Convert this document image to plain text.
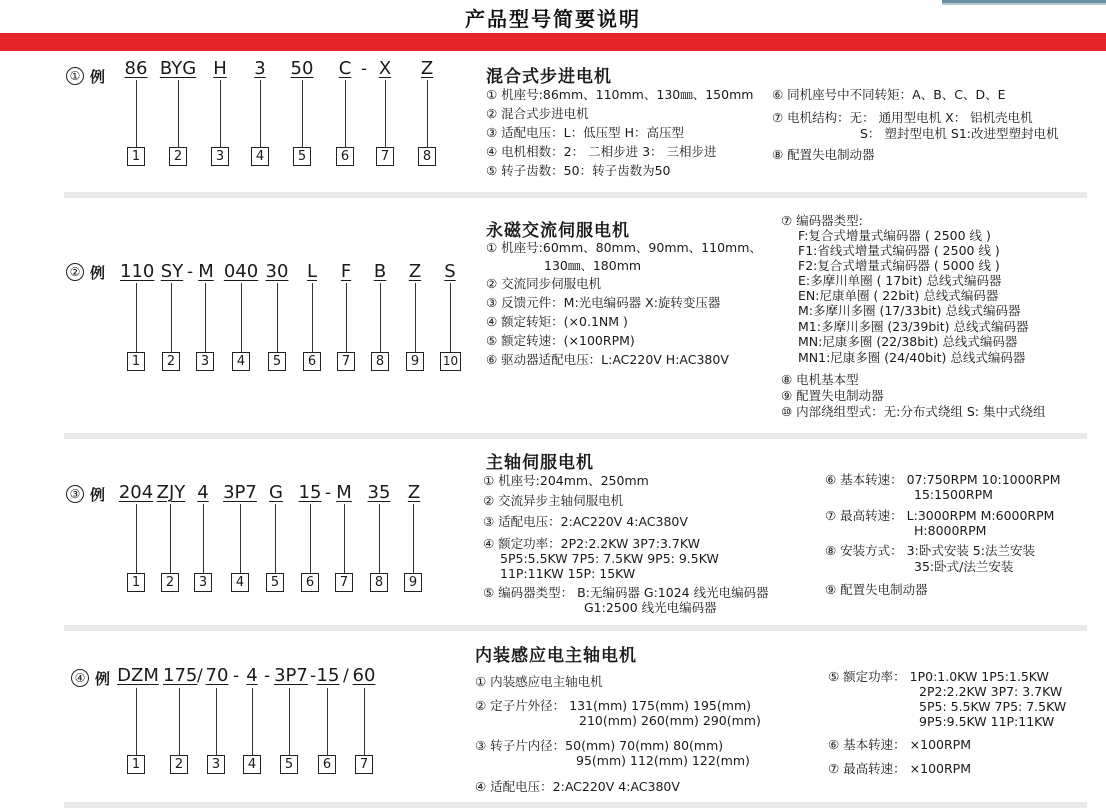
产品型号简要说明
① 例 86 BYG H 3 50 C - X Z
1	2	3	4	5	6	7	8
混合式步进电机
① 机座号:86mm、110mm、130㎜、150mm
② 混合式步进电机
③ 适配电压：L：低压型 H：高压型
④ 电机相数：2： 二相步进 3： 三相步进
⑤ 转子齿数：50：转子齿数为50
⑥ 同机座号中不同转矩：A、B、C、D、E
⑦ 电机结构：无： 通用型电机 X： 铝机壳电机
S： 塑封型电机 S1:改进型塑封电机
⑧ 配置失电制动器
② 例 110 SY - M 040 30 L F B Z S
1	2	3	4	5	6	7	8	9	10
永磁交流伺服电机
① 机座号:60mm、80mm、90mm、110mm、
130㎜、180mm
② 交流同步伺服电机
③ 反馈元件：M:光电编码器 X:旋转变压器
④ 额定转矩：(×0.1NM )
⑤ 额定转速：(×100RPM)
⑥ 驱动器适配电压：L:AC220V H:AC380V
⑦ 编码器类型:
F:复合式增量式编码器 ( 2500 线 )
F1:省线式增量式编码器 ( 2500 线 )
F2:复合式增量式编码器 ( 5000 线 )
E:多摩川单圈 ( 17bit) 总线式编码器
EN:尼康单圈 ( 22bit) 总线式编码器
M:多摩川多圈 (17/33bit) 总线式编码器
M1:多摩川多圈 (23/39bit) 总线式编码器
MN:尼康多圈 (22/38bit) 总线式编码器
MN1:尼康多圈 (24/40bit) 总线式编码器
⑧ 电机基本型
⑨ 配置失电制动器
⑩ 内部绕组型式：无:分布式绕组 S: 集中式绕组
③ 例 204 ZJY 4 3P7 G 15 - M 35 Z
1	2	3	4	5	6	7	8	9
主轴伺服电机
① 机座号:204mm、250mm
② 交流异步主轴伺服电机
③ 适配电压：2:AC220V 4:AC380V
④ 额定功率：2P2:2.2KW 3P7:3.7KW
5P5:5.5KW 7P5: 7.5KW 9P5: 9.5KW
11P:11KW 15P: 15KW
⑤ 编码器类型： B:无编码器 G:1024 线光电编码器
G1:2500 线光电编码器
⑥ 基本转速： 07:750RPM 10:1000RPM
15:1500RPM
⑦ 最高转速： L:3000RPM M:6000RPM
H:8000RPM
⑧ 安装方式： 3:卧式安装 5:法兰安装
35:卧式/法兰安装
⑨ 配置失电制动器
④ 例 DZM 175 / 70 - 4 - 3P7 - 15 / 60
1	2	3	4	5	6	7
内装感应电主轴电机
① 内装感应电主轴电机
② 定子片外径： 131(mm) 175(mm) 195(mm)
210(mm) 260(mm) 290(mm)
③ 转子片内径：50(mm) 70(mm) 80(mm)
95(mm) 112(mm) 122(mm)
④ 适配电压：2:AC220V 4:AC380V
⑤ 额定功率： 1P0:1.0KW 1P5:1.5KW
2P2:2.2KW 3P7: 3.7KW
5P5: 5.5KW 7P5: 7.5KW
9P5:9.5KW 11P:11KW
⑥ 基本转速： ×100RPM
⑦ 最高转速： ×100RPM
